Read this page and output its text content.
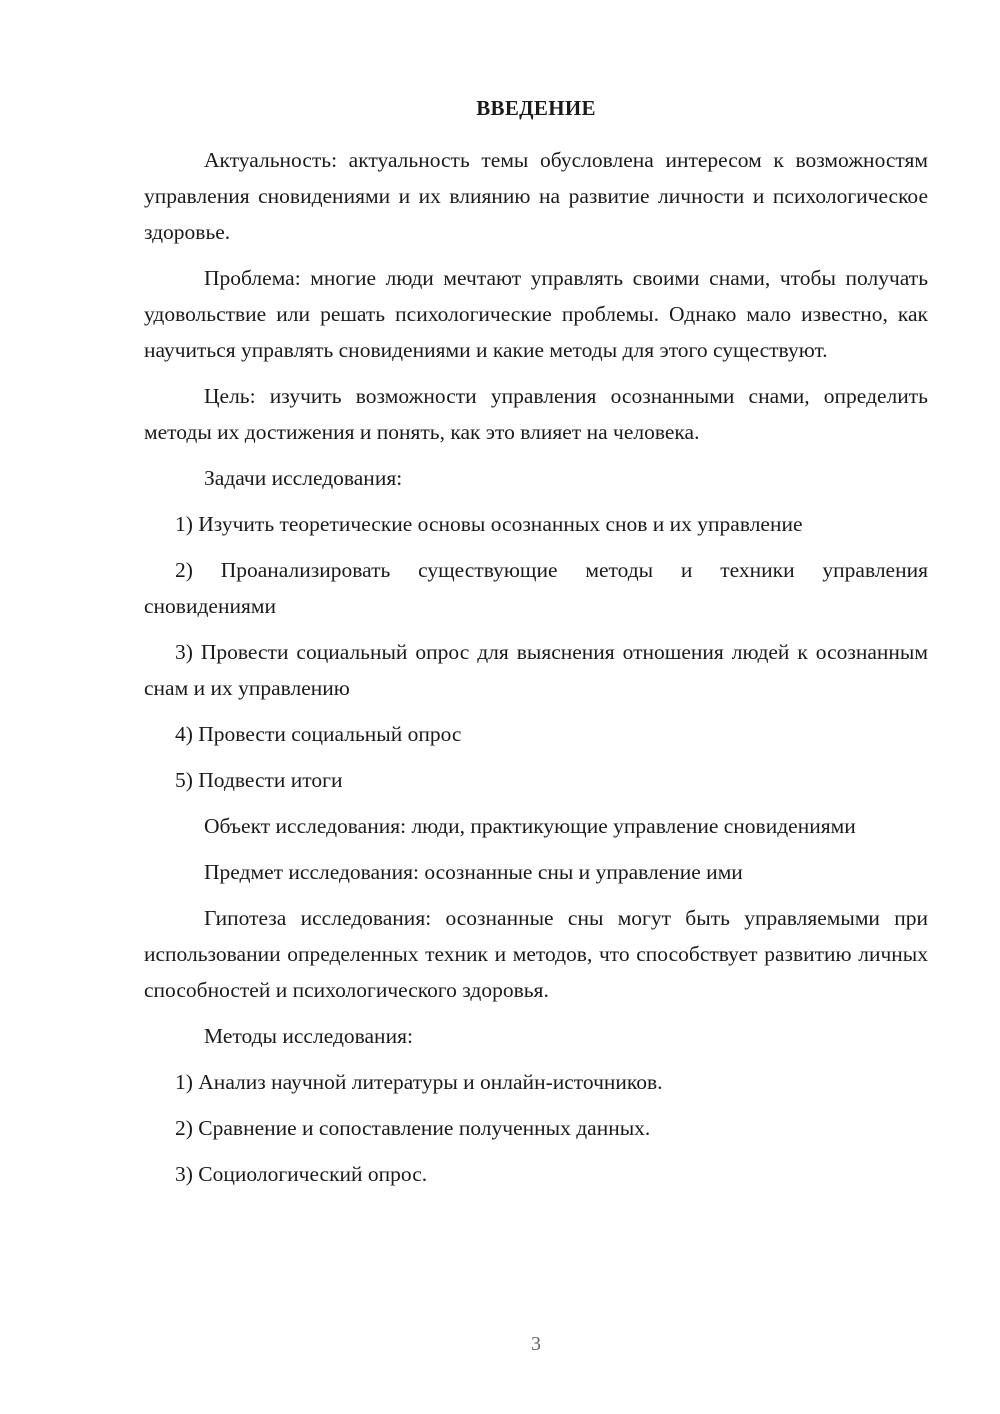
ВВЕДЕНИЕ

Актуальность: актуальность темы обусловлена интересом к возможностям управления сновидениями и их влиянию на развитие личности и психологическое здоровье.

Проблема: многие люди мечтают управлять своими снами, чтобы получать удовольствие или решать психологические проблемы. Однако мало известно, как научиться управлять сновидениями и какие методы для этого существуют.

Цель: изучить возможности управления осознанными снами, определить методы их достижения и понять, как это влияет на человека.

Задачи исследования:

1) Изучить теоретические основы осознанных снов и их управление

2) Проанализировать существующие методы и техники управления сновидениями

3) Провести социальный опрос для выяснения отношения людей к осознанным снам и их управлению

4) Провести социальный опрос

5) Подвести итоги

Объект исследования: люди, практикующие управление сновидениями

Предмет исследования: осознанные сны и управление ими

Гипотеза исследования: осознанные сны могут быть управляемыми при использовании определенных техник и методов, что способствует развитию личных способностей и психологического здоровья.

Методы исследования:

1) Анализ научной литературы и онлайн-источников.

2) Сравнение и сопоставление полученных данных.

3) Социологический опрос.

3
